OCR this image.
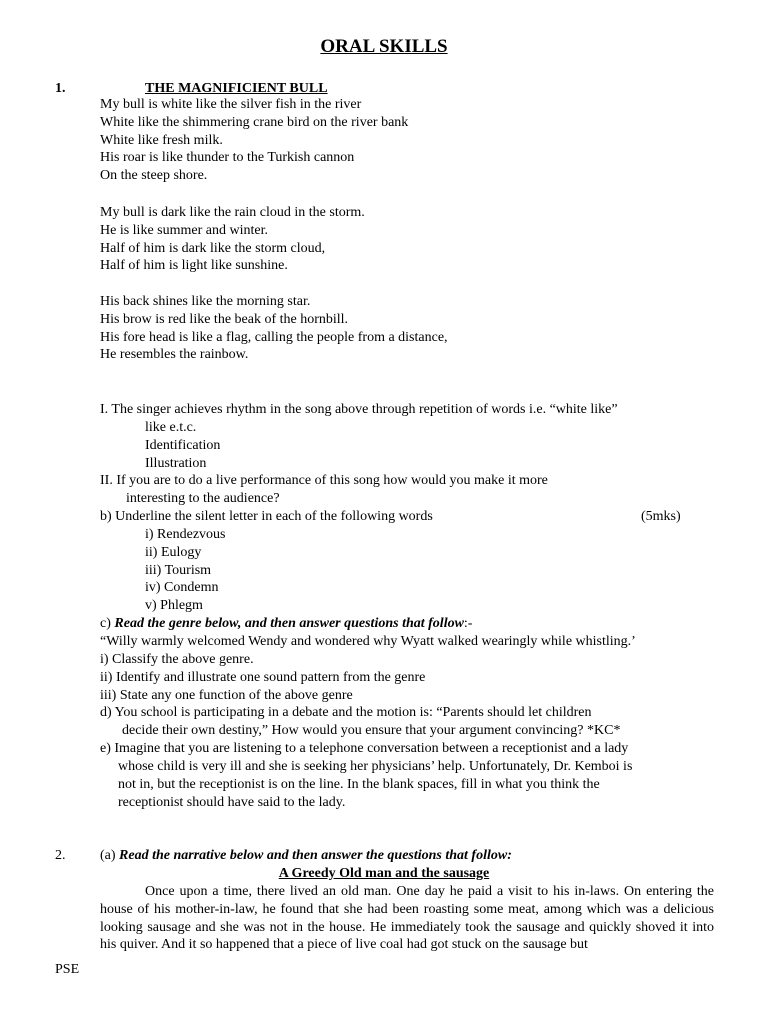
ORAL SKILLS
1.	THE MAGNIFICIENT BULL
My bull is white like the silver fish in the river
White like the shimmering crane bird on the river bank
White like fresh milk.
His roar is like thunder to the Turkish cannon
On the steep shore.
My bull is dark like the rain cloud in the storm.
He is like summer and winter.
Half of him is dark like the storm cloud,
Half of him is light like sunshine.
His back shines like the morning star.
His brow is red like the beak of the hornbill.
His fore head is like a flag, calling the people from a distance,
He resembles the rainbow.
I. The singer achieves rhythm in the song above through repetition of words i.e. “white like”
like e.t.c.
Identification
Illustration
II. If you are to do a live performance of this song how would you make it more
interesting to the audience?
b) Underline the silent letter in each of the following words	(5mks)
i) Rendezvous
ii) Eulogy
iii) Tourism
iv) Condemn
v) Phlegm
c) Read the genre below, and then answer questions that follow:-
“Willy warmly welcomed Wendy and wondered why Wyatt walked wearingly while whistling.’
i) Classify the above genre.
ii) Identify and illustrate one sound pattern from the genre
iii) State any one function of the above genre
d) You school is participating in a debate and the motion is: “Parents should let children
decide their own destiny,” How would you ensure that your argument convincing? *KC*
e) Imagine that you are listening to a telephone conversation between a receptionist and a lady
whose child is very ill and she is seeking her physicians’ help. Unfortunately, Dr. Kemboi is
not in, but the receptionist is on the line. In the blank spaces, fill in what you think the
receptionist should have said to the lady.
2. (a) Read the narrative below and then answer the questions that follow:
A Greedy Old man and the sausage
Once upon a time, there lived an old man. One day he paid a visit to his in-laws. On entering the house of his mother-in-law, he found that she had been roasting some meat, among which was a delicious looking sausage and she was not in the house. He immediately took the sausage and quickly shoved it into his quiver. And it so happened that a piece of live coal had got stuck on the sausage but
PSE
